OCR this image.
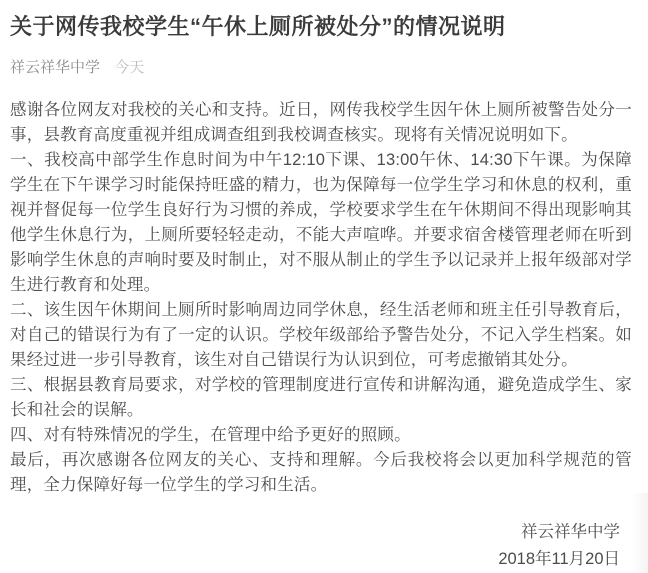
关于网传我校学生“午休上厕所被处分”的情况说明
祥云祥华中学 今天

感谢各位网友对我校的关心和支持。近日，网传我校学生因午休上厕所被警告处分一事，县教育高度重视并组成调查组到我校调查核实。现将有关情况说明如下。

一、我校高中部学生作息时间为中午12:10下课、13:00午休、14:30下午课。为保障学生在下午课学习时能保持旺盛的精力，也为保障每一位学生学习和休息的权利，重视并督促每一位学生良好行为习惯的养成，学校要求学生在午休期间不得出现影响其他学生休息行为，上厕所要轻轻走动，不能大声喧哗。并要求宿舍楼管理老师在听到影响学生休息的声响时要及时制止，对不服从制止的学生予以记录并上报年级部对学生进行教育和处理。

二、该生因午休期间上厕所时影响周边同学休息，经生活老师和班主任引导教育后，对自己的错误行为有了一定的认识。学校年级部给予警告处分，不记入学生档案。如果经过进一步引导教育，该生对自己错误行为认识到位，可考虑撤销其处分。

三、根据县教育局要求，对学校的管理制度进行宣传和讲解沟通，避免造成学生、家长和社会的误解。

四、对有特殊情况的学生，在管理中给予更好的照顾。

最后，再次感谢各位网友的关心、支持和理解。今后我校将会以更加科学规范的管理，全力保障好每一位学生的学习和生活。

祥云祥华中学
2018年11月20日
